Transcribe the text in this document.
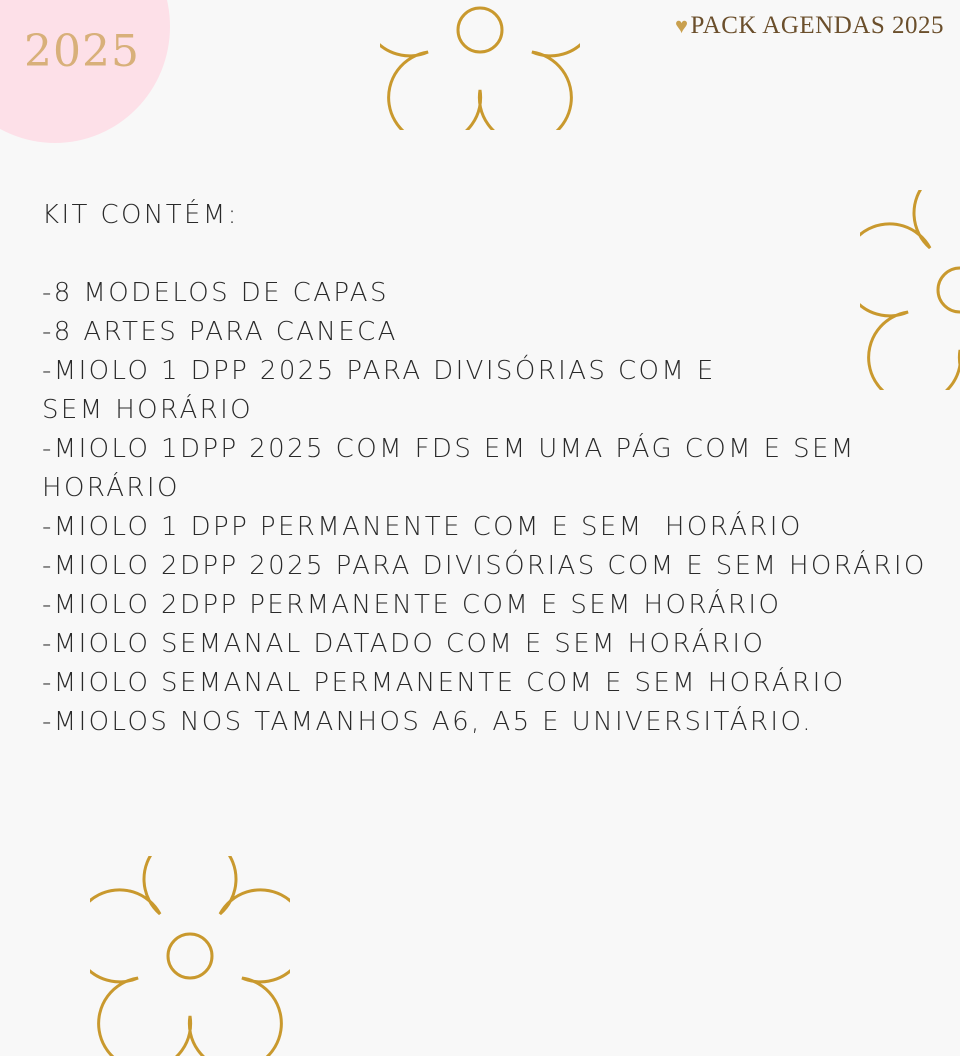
2025
♥ PACK AGENDAS 2025

KIT CONTÉM:

-8 MODELOS DE CAPAS

-8 ARTES PARA CANECA

-MIOLO 1 DPP 2025 PARA DIVISÓRIAS COM E
SEM HORÁRIO

-MIOLO 1DPP 2025 COM FDS EM UMA PÁG COM E SEM HORÁRIO

-MIOLO 1 DPP PERMANENTE COM E SEM  HORÁRIO

-MIOLO 2DPP 2025 PARA DIVISÓRIAS COM E SEM HORÁRIO

-MIOLO 2DPP PERMANENTE COM E SEM HORÁRIO

-MIOLO SEMANAL DATADO COM E SEM HORÁRIO

-MIOLO SEMANAL PERMANENTE COM E SEM HORÁRIO

-MIOLOS NOS TAMANHOS A6, A5 E UNIVERSITÁRIO.
